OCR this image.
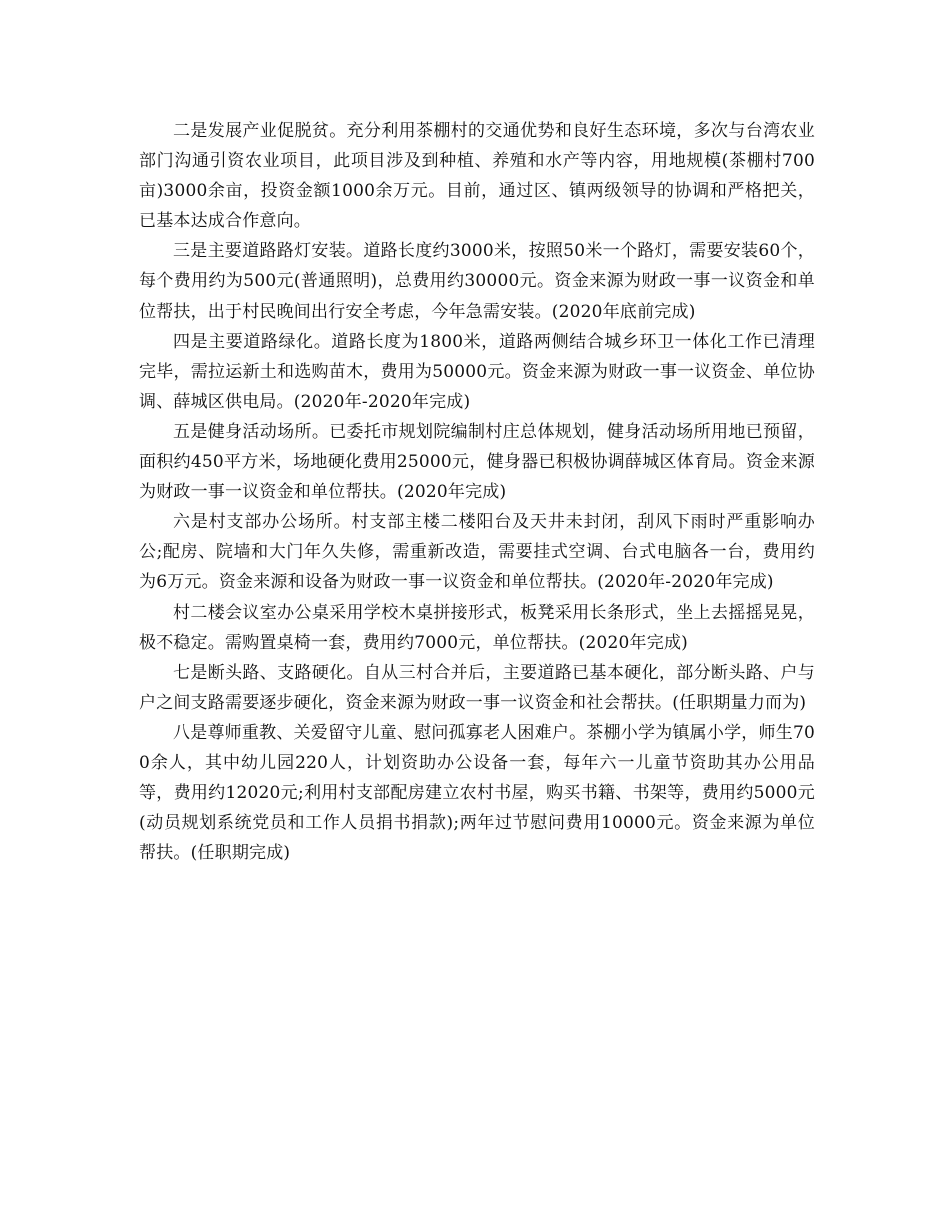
二是发展产业促脱贫。充分利用茶棚村的交通优势和良好生态环境，多次与台湾农业部门沟通引资农业项目，此项目涉及到种植、养殖和水产等内容，用地规模(茶棚村700亩)3000余亩，投资金额1000余万元。目前，通过区、镇两级领导的协调和严格把关，已基本达成合作意向。

三是主要道路路灯安装。道路长度约3000米，按照50米一个路灯，需要安装60个，每个费用约为500元(普通照明)，总费用约30000元。资金来源为财政一事一议资金和单位帮扶，出于村民晚间出行安全考虑，今年急需安装。(2020年底前完成)

四是主要道路绿化。道路长度为1800米，道路两侧结合城乡环卫一体化工作已清理完毕，需拉运新土和选购苗木，费用为50000元。资金来源为财政一事一议资金、单位协调、薛城区供电局。(2020年-2020年完成)

五是健身活动场所。已委托市规划院编制村庄总体规划，健身活动场所用地已预留，面积约450平方米，场地硬化费用25000元，健身器已积极协调薛城区体育局。资金来源为财政一事一议资金和单位帮扶。(2020年完成)

六是村支部办公场所。村支部主楼二楼阳台及天井未封闭，刮风下雨时严重影响办公;配房、院墙和大门年久失修，需重新改造，需要挂式空调、台式电脑各一台，费用约为6万元。资金来源和设备为财政一事一议资金和单位帮扶。(2020年-2020年完成)

村二楼会议室办公桌采用学校木桌拼接形式，板凳采用长条形式，坐上去摇摇晃晃，极不稳定。需购置桌椅一套，费用约7000元，单位帮扶。(2020年完成)

七是断头路、支路硬化。自从三村合并后，主要道路已基本硬化，部分断头路、户与户之间支路需要逐步硬化，资金来源为财政一事一议资金和社会帮扶。(任职期量力而为)

八是尊师重教、关爱留守儿童、慰问孤寡老人困难户。茶棚小学为镇属小学，师生700余人，其中幼儿园220人，计划资助办公设备一套，每年六一儿童节资助其办公用品等，费用约12020元;利用村支部配房建立农村书屋，购买书籍、书架等，费用约5000元(动员规划系统党员和工作人员捐书捐款);两年过节慰问费用10000元。资金来源为单位帮扶。(任职期完成)
